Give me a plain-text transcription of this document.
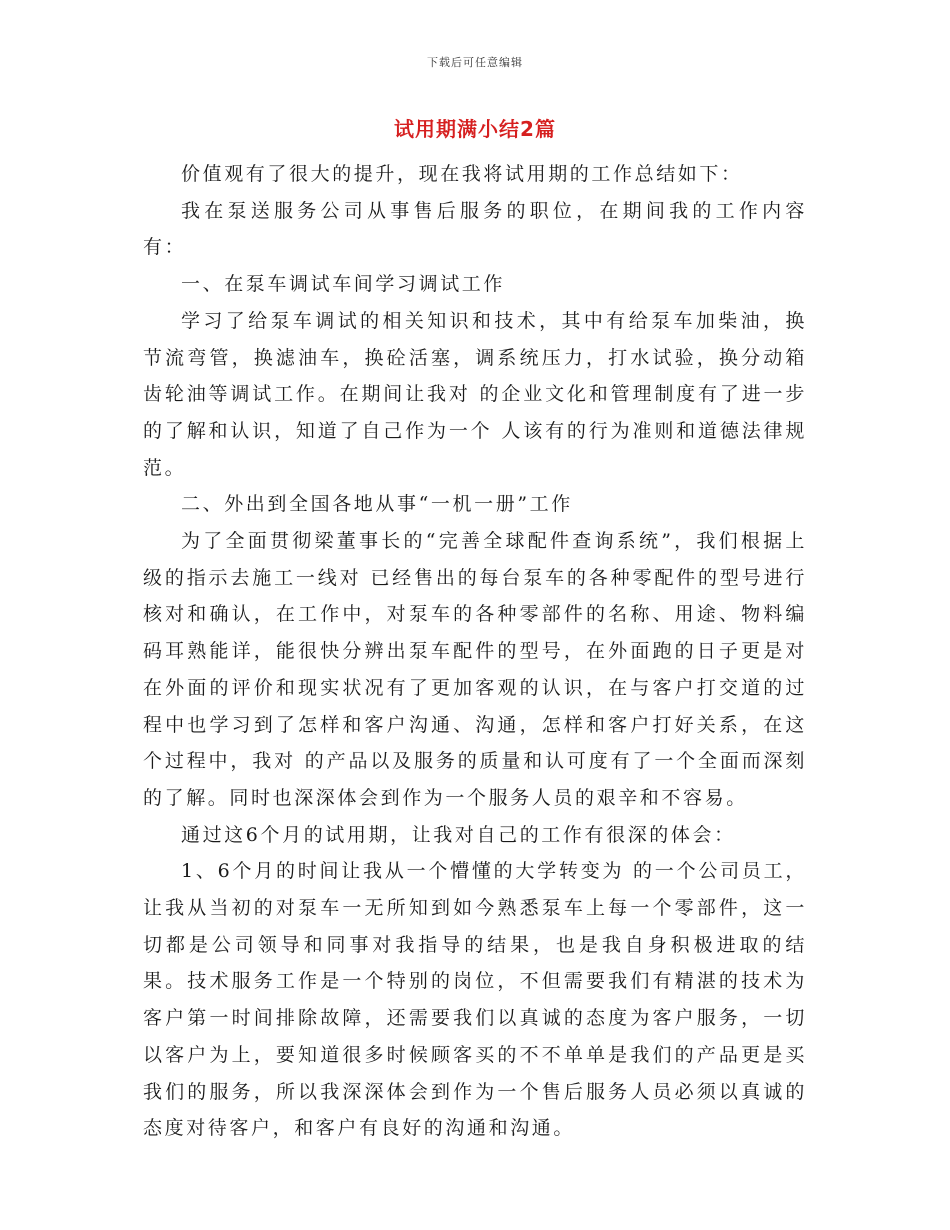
下载后可任意编辑
试用期满小结2篇

价值观有了很大的提升，现在我将试用期的工作总结如下：

我在泵送服务公司从事售后服务的职位，在期间我的工作内容有：

一、在泵车调试车间学习调试工作

学习了给泵车调试的相关知识和技术，其中有给泵车加柴油，换节流弯管，换滤油车，换砼活塞，调系统压力，打水试验，换分动箱齿轮油等调试工作。在期间让我对 的企业文化和管理制度有了进一步的了解和认识，知道了自己作为一个 人该有的行为准则和道德法律规范。

二、外出到全国各地从事“一机一册”工作

为了全面贯彻梁董事长的“完善全球配件查询系统”，我们根据上级的指示去施工一线对 已经售出的每台泵车的各种零配件的型号进行核对和确认，在工作中，对泵车的各种零部件的名称、用途、物料编码耳熟能详，能很快分辨出泵车配件的型号，在外面跑的日子更是对 在外面的评价和现实状况有了更加客观的认识，在与客户打交道的过程中也学习到了怎样和客户沟通、沟通，怎样和客户打好关系，在这个过程中，我对 的产品以及服务的质量和认可度有了一个全面而深刻的了解。同时也深深体会到作为一个服务人员的艰辛和不容易。

通过这6个月的试用期，让我对自己的工作有很深的体会：

1、6个月的时间让我从一个懵懂的大学转变为 的一个公司员工，让我从当初的对泵车一无所知到如今熟悉泵车上每一个零部件，这一切都是公司领导和同事对我指导的结果，也是我自身积极进取的结果。技术服务工作是一个特别的岗位，不但需要我们有精湛的技术为客户第一时间排除故障，还需要我们以真诚的态度为客户服务，一切以客户为上，要知道很多时候顾客买的不不单单是我们的产品更是买我们的服务，所以我深深体会到作为一个售后服务人员必须以真诚的态度对待客户，和客户有良好的沟通和沟通。
